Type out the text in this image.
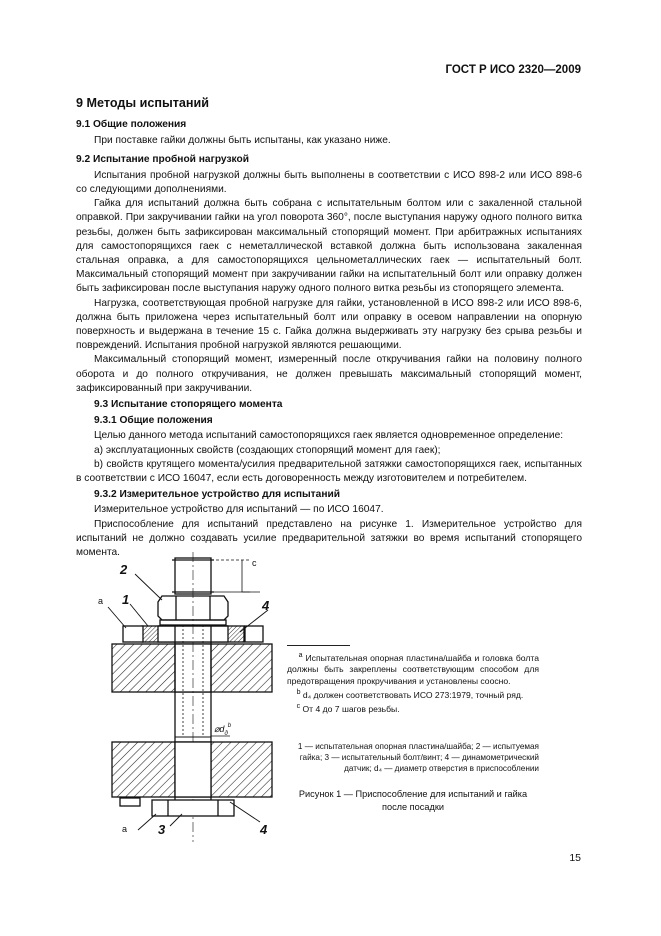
ГОСТ Р ИСО 2320—2009
9 Методы испытаний
9.1 Общие положения

При поставке гайки должны быть испытаны, как указано ниже.

9.2 Испытание пробной нагрузкой

Испытания пробной нагрузкой должны быть выполнены в соответствии с ИСО 898-2 или ИСО 898-6 со следующими дополнениями.

Гайка для испытаний должна быть собрана с испытательным болтом или с закаленной стальной оправкой. При закручивании гайки на угол поворота 360°, после выступания наружу одного полного витка резьбы, должен быть зафиксирован максимальный стопорящий момент. При арбитражных испытаниях для самостопорящихся гаек с неметаллической вставкой должна быть использована закаленная стальная оправка, а для самостопорящихся цельнометаллических гаек — испытательный болт. Максимальный стопорящий момент при закручивании гайки на испытательный болт или оправку должен быть зафиксирован после выступания наружу одного полного витка резьбы из стопорящего элемента.

Нагрузка, соответствующая пробной нагрузке для гайки, установленной в ИСО 898-2 или ИСО 898-6, должна быть приложена через испытательный болт или оправку в осевом направлении на опорную поверхность и выдержана в течение 15 с. Гайка должна выдерживать эту нагрузку без срыва резьбы и повреждений. Испытания пробной нагрузкой являются решающими.

Максимальный стопорящий момент, измеренный после откручивания гайки на половину полного оборота и до полного откручивания, не должен превышать максимальный стопорящий момент, зафиксированный при закручивании.

9.3 Испытание стопорящего момента
9.3.1 Общие положения

Целью данного метода испытаний самостопорящихся гаек является одновременное определение:

а) эксплуатационных свойств (создающих стопорящий момент для гаек);

b) свойств крутящего момента/усилия предварительной затяжки самостопорящихся гаек, испытанных в соответствии с ИСО 16047, если есть договоренность между изготовителем и потребителем.

9.3.2 Измерительное устройство для испытаний

Измерительное устройство для испытаний — по ИСО 16047.

Приспособление для испытаний представлено на рисунке 1. Измерительное устройство для испытаний не должно создавать усилие предварительной затяжки во время испытаний стопорящего момента.

2
1	4
3	4
a
a
c
$⌀d_д^b$

$^a$ Испытательная опорная пластина/шайба и головка болта должны быть закреплены соответствующим способом для предотвращения прокручивания и установлены соосно.

$^b$ d₄ должен соответствовать ИСО 273:1979, точный ряд.

$^c$ От 4 до 7 шагов резьбы.

1 — испытательная опорная пластина/шайба; 2 — испытуемая гайка; 3 — испытательный болт/винт; 4 — динамометрический датчик; d₄ — диаметр отверстия в приспособлении
Рисунок 1 — Приспособление для испытаний и гайка после посадки
15
